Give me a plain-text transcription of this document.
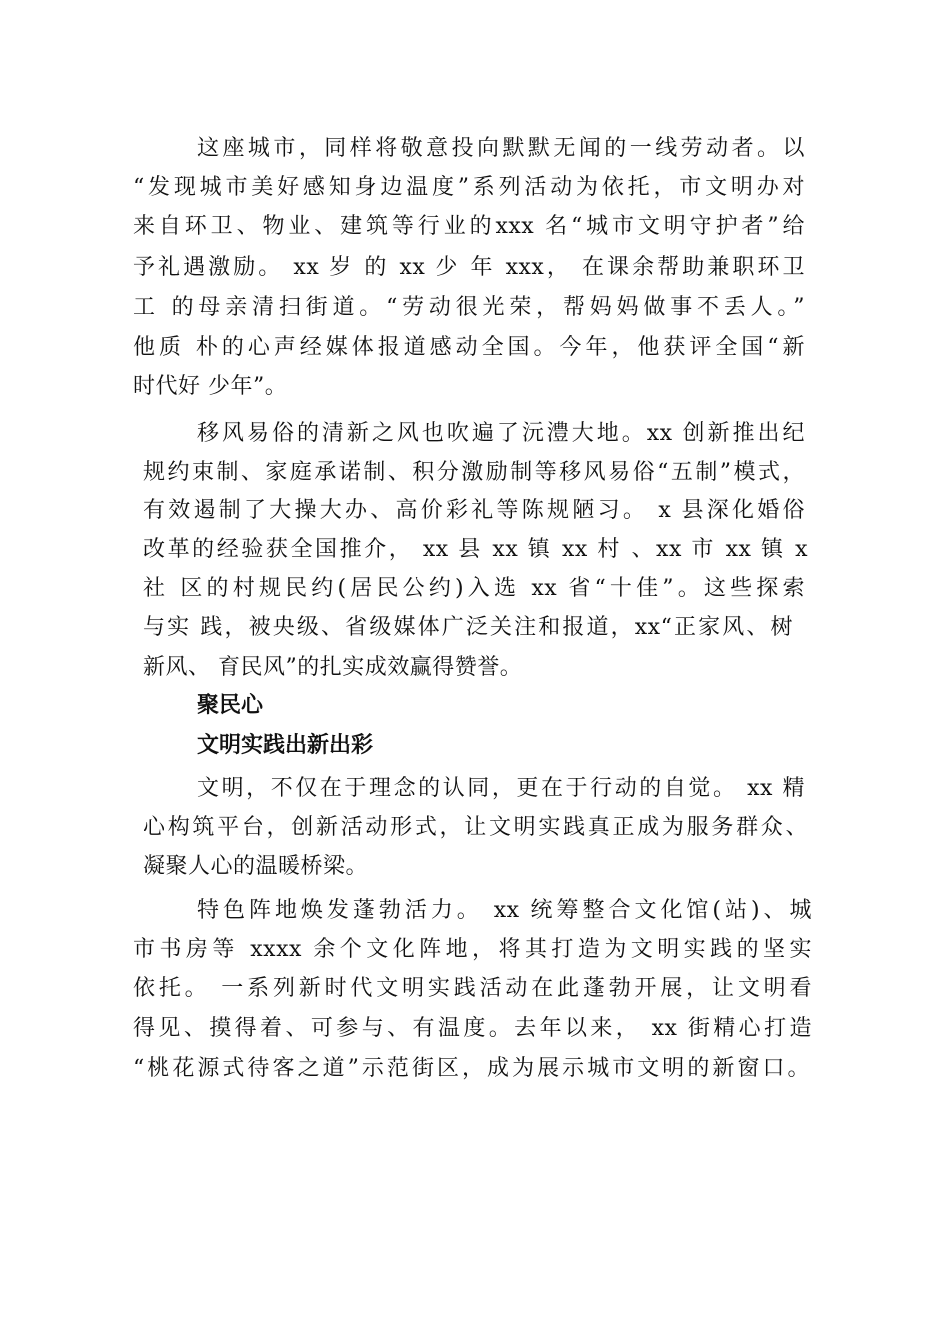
这座城市，同样将敬意投向默默无闻的一线劳动者。以
“发现城市美好感知身边温度”系列活动为依托，市文明办对
来自环卫、物业、建筑等行业的xxx 名“城市文明守护者”给
予礼遇激励。 xx 岁 的 xx 少 年 xxx， 在课余帮助兼职环卫
工 的母亲清扫街道。“劳动很光荣，帮妈妈做事不丢人。”
他质 朴的心声经媒体报道感动全国。今年，他获评全国“新
时代好 少年”。
移风易俗的清新之风也吹遍了沅澧大地。xx 创新推出纪
规约束制、家庭承诺制、积分激励制等移风易俗“五制”模式，
有效遏制了大操大办、高价彩礼等陈规陋习。 x 县深化婚俗
改革的经验获全国推介， xx 县 xx 镇 xx 村 、xx 市 xx 镇 x
社 区的村规民约(居民公约)入选 xx 省“十佳”。这些探索
与实 践，被央级、省级媒体广泛关注和报道，xx“正家风、树
新风、 育民风”的扎实成效赢得赞誉。
聚民心
文明实践出新出彩
文明，不仅在于理念的认同，更在于行动的自觉。 xx 精
心构筑平台，创新活动形式，让文明实践真正成为服务群众、
凝聚人心的温暖桥梁。
特色阵地焕发蓬勃活力。 xx 统筹整合文化馆(站)、城
市书房等 xxxx 余个文化阵地，将其打造为文明实践的坚实
依托。 一系列新时代文明实践活动在此蓬勃开展，让文明看
得见、摸得着、可参与、有温度。去年以来， xx 街精心打造
“桃花源式待客之道”示范街区，成为展示城市文明的新窗口。
